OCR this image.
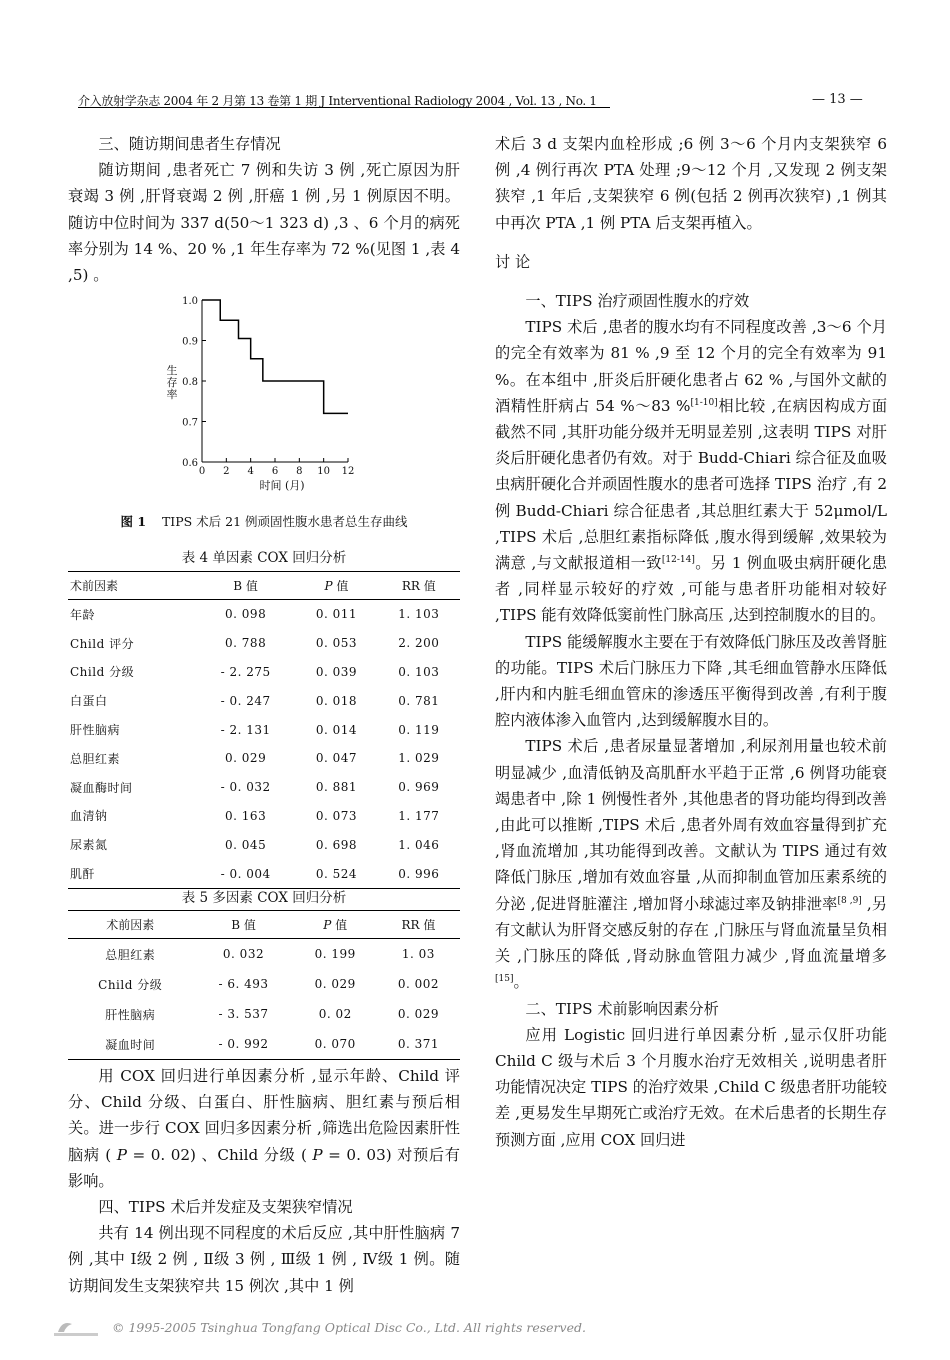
介入放射学杂志 2004 年 2 月第 13 卷第 1 期 J Interventional Radiology 2004 , Vol. 13 , No. 1	— 13 —

三、随访期间患者生存情况

随访期间 ,患者死亡 7 例和失访 3 例 ,死亡原因为肝衰竭 3 例 ,肝肾衰竭 2 例 ,肝癌 1 例 ,另 1 例原因不明。随访中位时间为 337 d(50～1 323 d) ,3 、6 个月的病死率分别为 14 %、20 % ,1 年生存率为 72 %(见图 1 ,表 4 ,5) 。

生
存
率
0 2 4 6 8 10 12
0.6
0.7
0.8
0.9
1.0
时间 (月)
图 1 TIPS 术后 21 例顽固性腹水患者总生存曲线
表 4 单因素 COX 回归分析
术前因素	B 值	P 值	RR 值
年龄	0. 098	0. 011	1. 103
Child 评分	0. 788	0. 053	2. 200
Child 分级	- 2. 275	0. 039	0. 103
白蛋白	- 0. 247	0. 018	0. 781
肝性脑病	- 2. 131	0. 014	0. 119
总胆红素	0. 029	0. 047	1. 029
凝血酶时间	- 0. 032	0. 881	0. 969
血清钠	0. 163	0. 073	1. 177
尿素氮	0. 045	0. 698	1. 046
肌酐	- 0. 004	0. 524	0. 996
表 5 多因素 COX 回归分析
术前因素	B 值	P 值	RR 值
总胆红素	0. 032	0. 199	1. 03
Child 分级	- 6. 493	0. 029	0. 002
肝性脑病	- 3. 537	0. 02	0. 029
凝血时间	- 0. 992	0. 070	0. 371

用 COX 回归进行单因素分析 ,显示年龄、Child 评分、Child 分级、白蛋白、肝性脑病、胆红素与预后相关。进一步行 COX 回归多因素分析 ,筛选出危险因素肝性脑病 ( P = 0. 02) 、Child 分级 ( P = 0. 03) 对预后有影响。

四、TIPS 术后并发症及支架狭窄情况

共有 14 例出现不同程度的术后反应 ,其中肝性脑病 7 例 ,其中 Ⅰ级 2 例 , Ⅱ级 3 例 , Ⅲ级 1 例 , Ⅳ级 1 例。随访期间发生支架狭窄共 15 例次 ,其中 1 例

术后 3 d 支架内血栓形成 ;6 例 3～6 个月内支架狭窄 6 例 ,4 例行再次 PTA 处理 ;9～12 个月 ,又发现 2 例支架狭窄 ,1 年后 ,支架狭窄 6 例(包括 2 例再次狭窄) ,1 例其中再次 PTA ,1 例 PTA 后支架再植入。

讨 论

一、TIPS 治疗顽固性腹水的疗效

TIPS 术后 ,患者的腹水均有不同程度改善 ,3～6 个月的完全有效率为 81 % ,9 至 12 个月的完全有效率为 91 %。在本组中 ,肝炎后肝硬化患者占 62 % ,与国外文献的酒精性肝病占 54 %～83 %[1-10]相比较 ,在病因构成方面截然不同 ,其肝功能分级并无明显差别 ,这表明 TIPS 对肝炎后肝硬化患者仍有效。对于 Budd-Chiari 综合征及血吸虫病肝硬化合并顽固性腹水的患者可选择 TIPS 治疗 ,有 2 例 Budd-Chiari 综合征患者 ,其总胆红素大于 52μmol/L ,TIPS 术后 ,总胆红素指标降低 ,腹水得到缓解 ,效果较为满意 ,与文献报道相一致[12-14]。另 1 例血吸虫病肝硬化患者 ,同样显示较好的疗效 ,可能与患者肝功能相对较好 ,TIPS 能有效降低窦前性门脉高压 ,达到控制腹水的目的。

TIPS 能缓解腹水主要在于有效降低门脉压及改善肾脏的功能。TIPS 术后门脉压力下降 ,其毛细血管静水压降低 ,肝内和内脏毛细血管床的渗透压平衡得到改善 ,有利于腹腔内液体渗入血管内 ,达到缓解腹水目的。

TIPS 术后 ,患者尿量显著增加 ,利尿剂用量也较术前明显减少 ,血清低钠及高肌酐水平趋于正常 ,6 例肾功能衰竭患者中 ,除 1 例慢性者外 ,其他患者的肾功能均得到改善 ,由此可以推断 ,TIPS 术后 ,患者外周有效血容量得到扩充 ,肾血流增加 ,其功能得到改善。文献认为 TIPS 通过有效降低门脉压 ,增加有效血容量 ,从而抑制血管加压素系统的分泌 ,促进肾脏灌注 ,增加肾小球滤过率及钠排泄率[8 ,9] ,另有文献认为肝肾交感反射的存在 ,门脉压与肾血流量呈负相关 ,门脉压的降低 ,肾动脉血管阻力减少 ,肾血流量增多[15]。

二、TIPS 术前影响因素分析

应用 Logistic 回归进行单因素分析 ,显示仅肝功能 Child C 级与术后 3 个月腹水治疗无效相关 ,说明患者肝功能情况决定 TIPS 的治疗效果 ,Child C 级患者肝功能较差 ,更易发生早期死亡或治疗无效。在术后患者的长期生存预测方面 ,应用 COX 回归进

© 1995-2005 Tsinghua Tongfang Optical Disc Co., Ltd. All rights reserved.
